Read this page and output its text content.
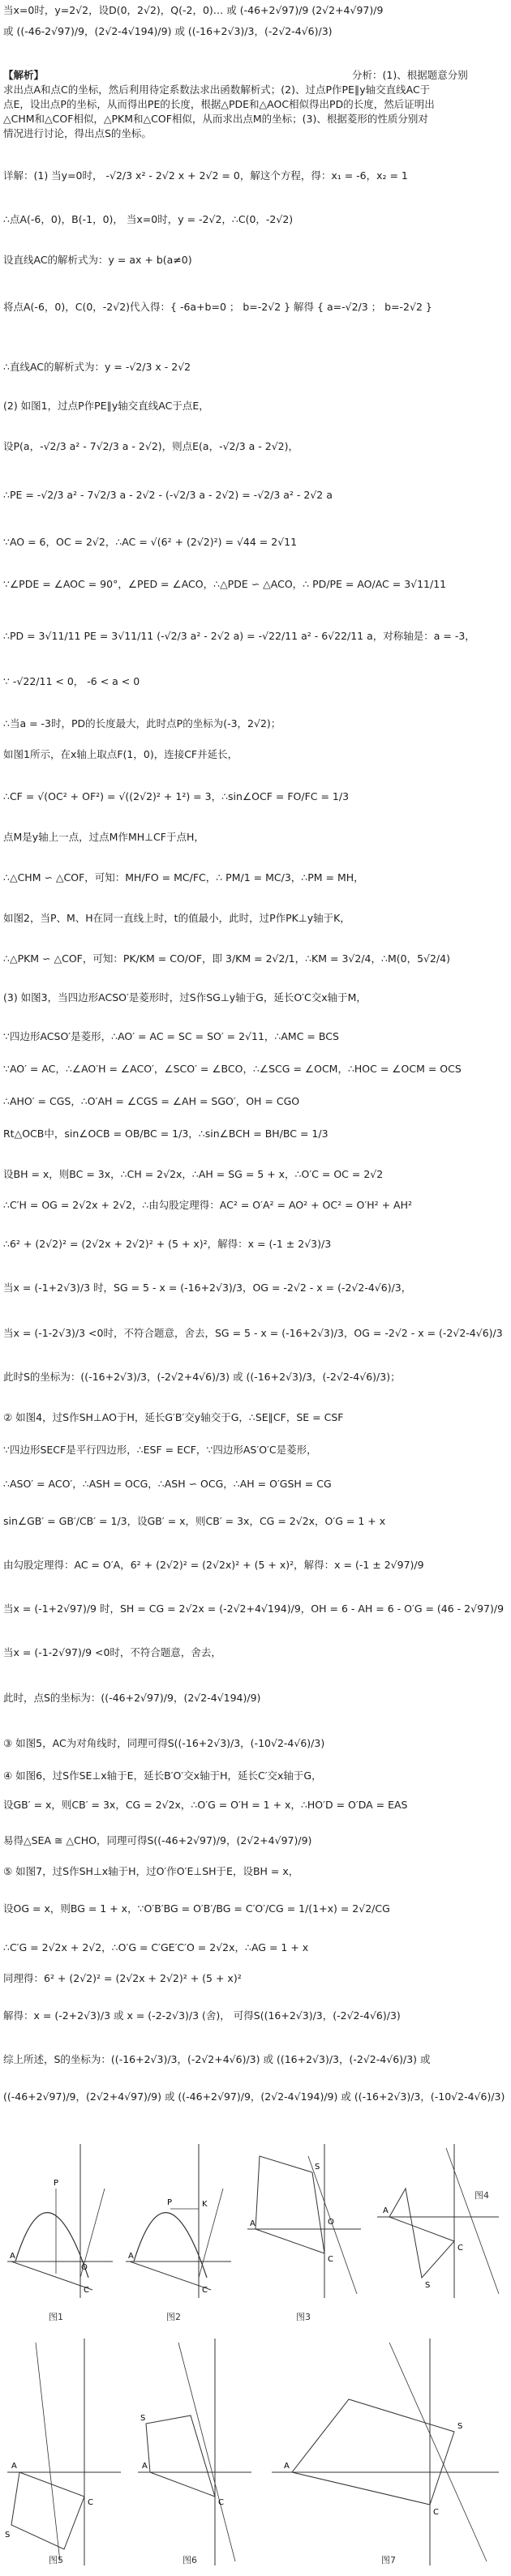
当x=0时，y=2√2，设D(0，2√2)，Q(-2，0)… 或 (-46+2√97)/9 (2√2+4√97)/9
或 ((-46-2√97)/9，(2√2-4√194)/9) 或 ((-16+2√3)/3，(-2√2-4√6)/3)
【解析】	分析：(1)、根据题意分别
求出点A和点C的坐标，然后利用待定系数法求出函数解析式；(2)、过点P作PE∥y轴交直线AC于
点E，设出点P的坐标，从而得出PE的长度，根据△PDE和△AOC相似得出PD的长度，然后证明出
△CHM和△COF相似，△PKM和△COF相似，从而求出点M的坐标；(3)、根据菱形的性质分别对
情况进行讨论，得出点S的坐标。
详解：(1) 当y=0时， -√2/3 x² - 2√2 x + 2√2 = 0，解这个方程，得：x₁ = -6，x₂ = 1
∴点A(-6，0)，B(-1，0)， 当x=0时，y = -2√2，∴C(0，-2√2)
设直线AC的解析式为：y = ax + b(a≠0)
将点A(-6，0)，C(0，-2√2)代入得：{ -6a+b=0 ； b=-2√2 } 解得 { a=-√2/3 ； b=-2√2 }
∴直线AC的解析式为：y = -√2/3 x - 2√2
(2) 如图1，过点P作PE∥y轴交直线AC于点E，
设P(a，-√2/3 a² - 7√2/3 a - 2√2)，则点E(a，-√2/3 a - 2√2)，
∴PE = -√2/3 a² - 7√2/3 a - 2√2 - (-√2/3 a - 2√2) = -√2/3 a² - 2√2 a
∵AO = 6，OC = 2√2，∴AC = √(6² + (2√2)²) = √44 = 2√11
∵∠PDE = ∠AOC = 90°，∠PED = ∠ACO，∴△PDE ∽ △ACO，∴ PD/PE = AO/AC = 3√11/11
∴PD = 3√11/11 PE = 3√11/11 (-√2/3 a² - 2√2 a) = -√22/11 a² - 6√22/11 a，对称轴是：a = -3，
∵ -√22/11 < 0， -6 < a < 0
∴当a = -3时，PD的长度最大，此时点P的坐标为(-3，2√2)；
如图1所示，在x轴上取点F(1，0)，连接CF并延长，
∴CF = √(OC² + OF²) = √((2√2)² + 1²) = 3，∴sin∠OCF = FO/FC = 1/3
点M是y轴上一点，过点M作MH⊥CF于点H，
∴△CHM ∽ △COF，可知：MH/FO = MC/FC，∴ PM/1 = MC/3，∴PM = MH，
如图2，当P、M、H在同一直线上时，t的值最小，此时，过P作PK⊥y轴于K，
∴△PKM ∽ △COF，可知：PK/KM = CO/OF，即 3/KM = 2√2/1，∴KM = 3√2/4，∴M(0，5√2/4)
(3) 如图3，当四边形ACSO′是菱形时，过S作SG⊥y轴于G，延长O′C交x轴于M，
∵四边形ACSO′是菱形，∴AO′ = AC = SC = SO′ = 2√11，∴AMC = BCS
∵AO′ = AC，∴∠AO′H = ∠ACO′，∠SCO′ = ∠BCO，∴∠SCG = ∠OCM，∴HOC = ∠OCM = OCS
∴AHO′ = CGS，∴O′AH = ∠CGS = ∠AH = SGO′，OH = CGO
Rt△OCB中，sin∠OCB = OB/BC = 1/3，∴sin∠BCH = BH/BC = 1/3
设BH = x，则BC = 3x，∴CH = 2√2x，∴AH = SG = 5 + x，∴O′C = OC = 2√2
∴C′H = OG = 2√2x + 2√2，∴由勾股定理得：AC² = O′A² = AO² + OC² = O′H² + AH²
∴6² + (2√2)² = (2√2x + 2√2)² + (5 + x)²，解得：x = (-1 ± 2√3)/3
当x = (-1+2√3)/3 时，SG = 5 - x = (-16+2√3)/3，OG = -2√2 - x = (-2√2-4√6)/3，
当x = (-1-2√3)/3 <0时，不符合题意，舍去，SG = 5 - x = (-16+2√3)/3，OG = -2√2 - x = (-2√2-4√6)/3
此时S的坐标为：((-16+2√3)/3，(-2√2+4√6)/3) 或 ((-16+2√3)/3，(-2√2-4√6)/3)；
② 如图4，过S作SH⊥AO于H，延长G′B′交y轴交于G，∴SE∥CF，SE = CSF
∵四边形SECF是平行四边形，∴ESF = ECF，∵四边形AS′O′C是菱形，
∴ASO′ = ACO′，∴ASH = OCG，∴ASH ∽ OCG，∴AH = O′GSH = CG
sin∠GB′ = GB′/CB′ = 1/3，设GB′ = x，则CB′ = 3x，CG = 2√2x，O′G = 1 + x
由勾股定理得：AC = O′A，6² + (2√2)² = (2√2x)² + (5 + x)²，解得：x = (-1 ± 2√97)/9
当x = (-1+2√97)/9 时，SH = CG = 2√2x = (-2√2+4√194)/9，OH = 6 - AH = 6 - O′G = (46 - 2√97)/9
当x = (-1-2√97)/9 <0时，不符合题意，舍去，
此时，点S的坐标为：((-46+2√97)/9，(2√2-4√194)/9)
③ 如图5，AC为对角线时，同理可得S((-16+2√3)/3，(-10√2-4√6)/3)
④ 如图6，过S作SE⊥x轴于E，延长B′O′交x轴于H，延长C′交x轴于G，
设GB′ = x，则CB′ = 3x，CG = 2√2x，∴O′G = O′H = 1 + x，∴HO′D = O′DA = EAS
易得△SEA ≅ △CHO，同理可得S((-46+2√97)/9，(2√2+4√97)/9)
⑤ 如图7，过S作SH⊥x轴于H，过O′作O′E⊥SH于E，设BH = x，
设OG = x，则BG = 1 + x，∵O′B′BG = O′B′/BG = C′O′/CG = 1/(1+x) = 2√2/CG
∴C′G = 2√2x + 2√2，∴O′G = C′GE′C′O = 2√2x，∴AG = 1 + x
同理得：6² + (2√2)² = (2√2x + 2√2)² + (5 + x)²
解得：x = (-2+2√3)/3 或 x = (-2-2√3)/3 (舍)， 可得S((16+2√3)/3，(-2√2-4√6)/3)
综上所述，S的坐标为：((-16+2√3)/3，(-2√2+4√6)/3) 或 ((16+2√3)/3，(-2√2-4√6)/3) 或
((-46+2√97)/9，(2√2+4√97)/9) 或 ((-46+2√97)/9，(2√2-4√194)/9) 或 ((-16+2√3)/3，(-10√2-4√6)/3)
A
P
C
O
图1
A
P	K
C
图2
A
C
O
S
图3
A
C
S
图4
A
C
S
图5
A
C
S
图6
A
C
S
图7
